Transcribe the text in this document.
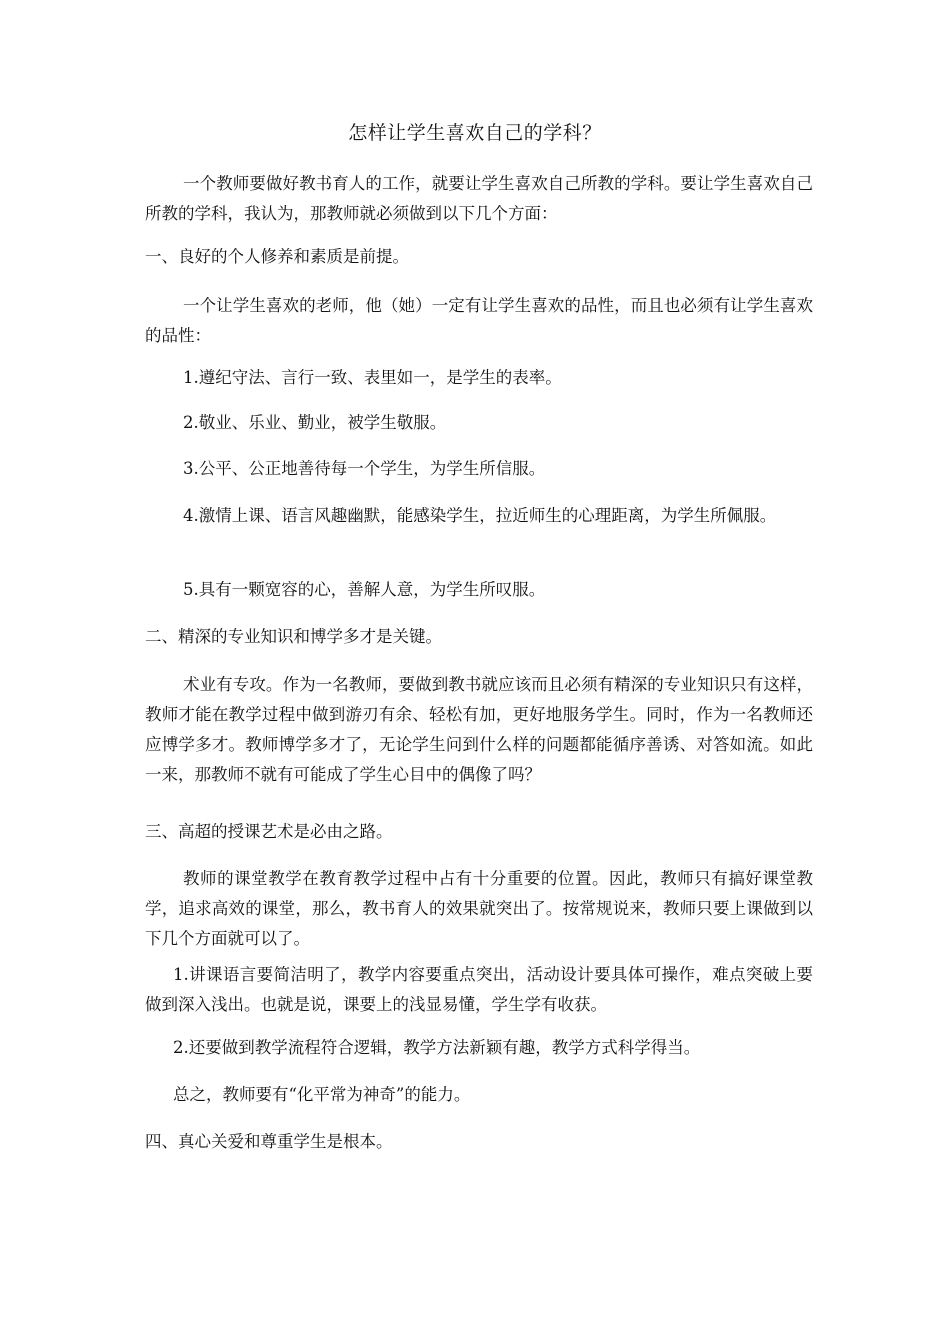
怎样让学生喜欢自己的学科？

一个教师要做好教书育人的工作，就要让学生喜欢自己所教的学科。要让学生喜欢自己所教的学科，我认为，那教师就必须做到以下几个方面：

一、良好的个人修养和素质是前提。

一个让学生喜欢的老师，他（她）一定有让学生喜欢的品性，而且也必须有让学生喜欢的品性：

1.遵纪守法、言行一致、表里如一，是学生的表率。

2.敬业、乐业、勤业，被学生敬服。

3.公平、公正地善待每一个学生，为学生所信服。

4.激情上课、语言风趣幽默，能感染学生，拉近师生的心理距离，为学生所佩服。

5.具有一颗宽容的心，善解人意，为学生所叹服。

二、精深的专业知识和博学多才是关键。

术业有专攻。作为一名教师，要做到教书就应该而且必须有精深的专业知识只有这样，教师才能在教学过程中做到游刃有余、轻松有加，更好地服务学生。同时，作为一名教师还应博学多才。教师博学多才了，无论学生问到什么样的问题都能循序善诱、对答如流。如此一来，那教师不就有可能成了学生心目中的偶像了吗？

三、高超的授课艺术是必由之路。

教师的课堂教学在教育教学过程中占有十分重要的位置。因此，教师只有搞好课堂教学，追求高效的课堂，那么，教书育人的效果就突出了。按常规说来，教师只要上课做到以下几个方面就可以了。

1.讲课语言要简洁明了，教学内容要重点突出，活动设计要具体可操作，难点突破上要做到深入浅出。也就是说，课要上的浅显易懂，学生学有收获。

2.还要做到教学流程符合逻辑，教学方法新颖有趣，教学方式科学得当。

总之，教师要有“化平常为神奇”的能力。

四、真心关爱和尊重学生是根本。
